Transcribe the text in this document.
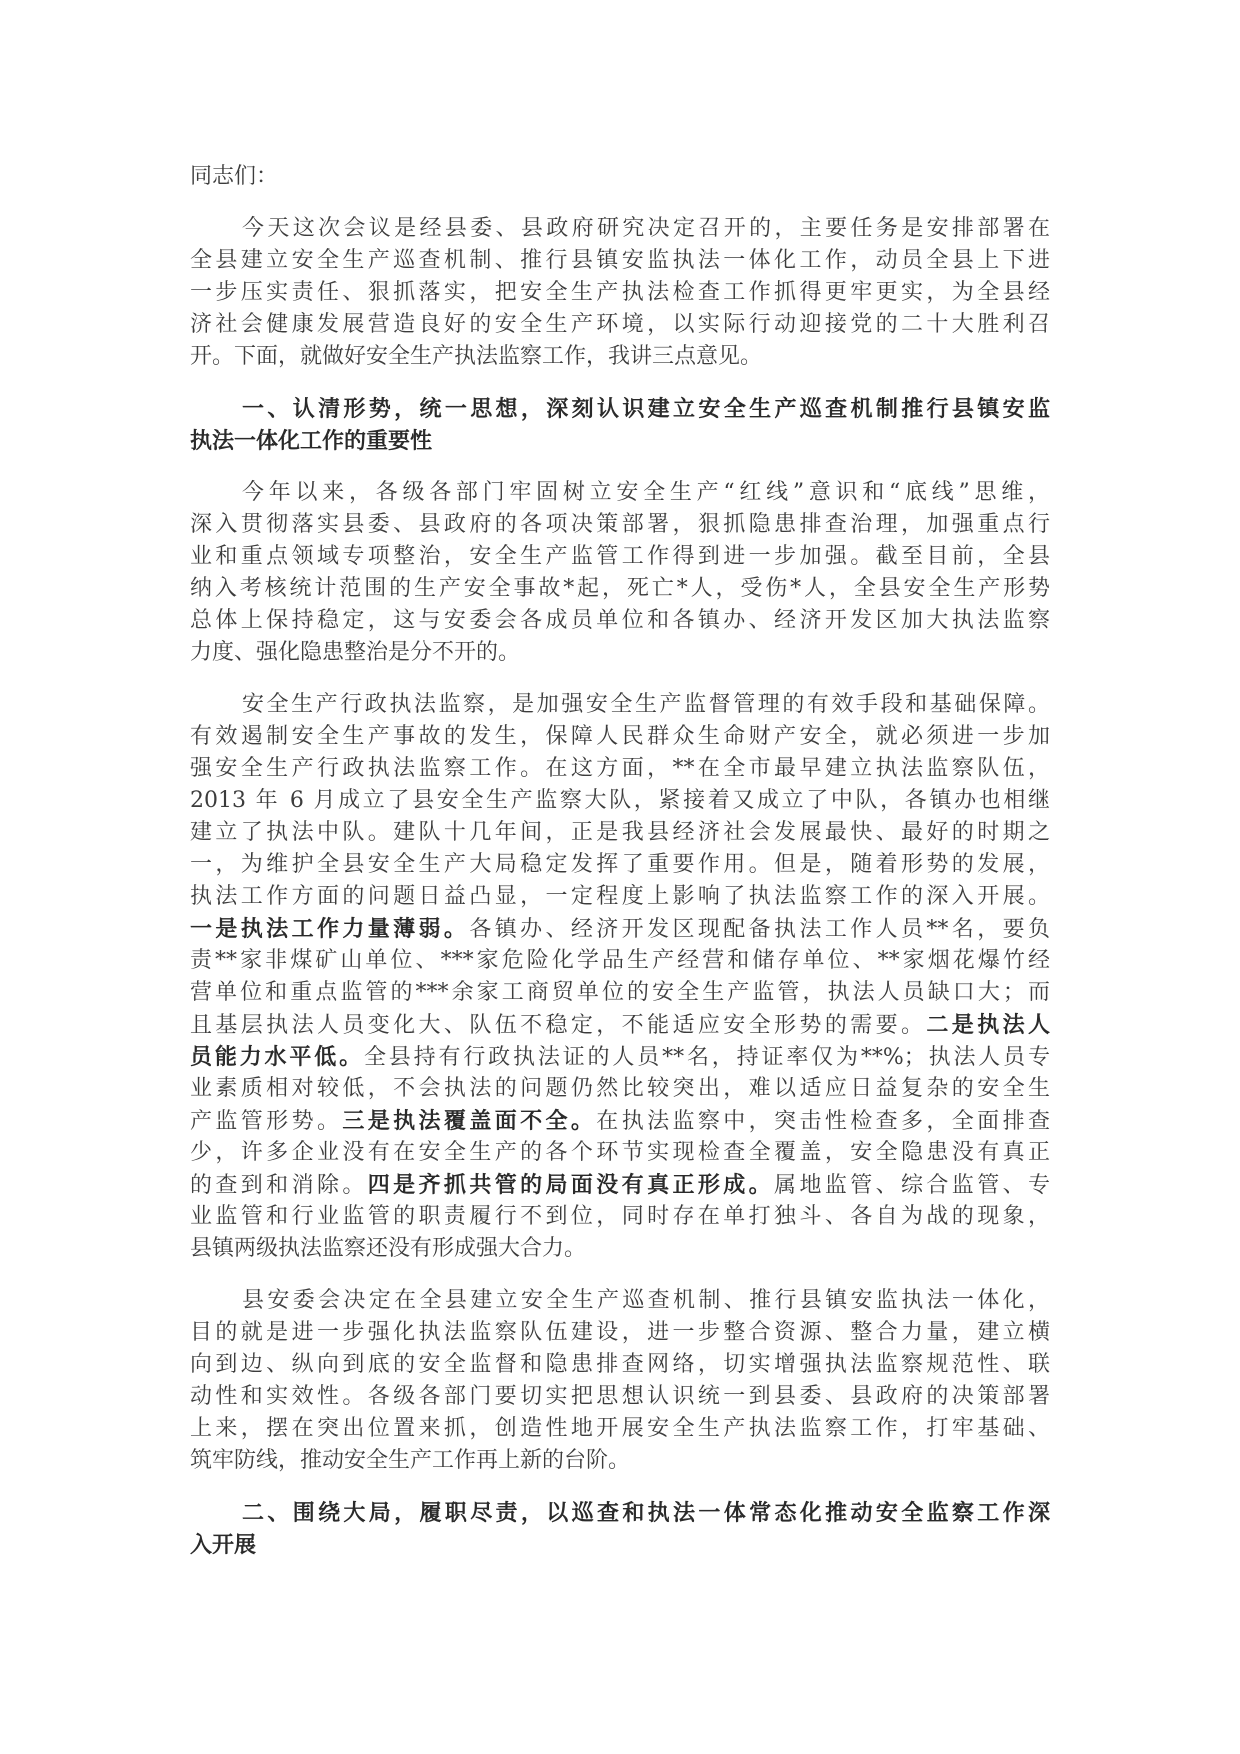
同志们：
今天这次会议是经县委、县政府研究决定召开的，主要任务是安排部署在
全县建立安全生产巡查机制、推行县镇安监执法一体化工作，动员全县上下进
一步压实责任、狠抓落实，把安全生产执法检查工作抓得更牢更实，为全县经
济社会健康发展营造良好的安全生产环境，以实际行动迎接党的二十大胜利召
开。下面，就做好安全生产执法监察工作，我讲三点意见。
一、认清形势，统一思想，深刻认识建立安全生产巡查机制推行县镇安监
执法一体化工作的重要性
今年以来，各级各部门牢固树立安全生产“红线”意识和“底线”思维，
深入贯彻落实县委、县政府的各项决策部署，狠抓隐患排查治理，加强重点行
业和重点领域专项整治，安全生产监管工作得到进一步加强。截至目前，全县
纳入考核统计范围的生产安全事故*起，死亡*人，受伤*人，全县安全生产形势
总体上保持稳定，这与安委会各成员单位和各镇办、经济开发区加大执法监察
力度、强化隐患整治是分不开的。
安全生产行政执法监察，是加强安全生产监督管理的有效手段和基础保障。
有效遏制安全生产事故的发生，保障人民群众生命财产安全，就必须进一步加
强安全生产行政执法监察工作。在这方面，**在全市最早建立执法监察队伍，
2013 年 6 月成立了县安全生产监察大队，紧接着又成立了中队，各镇办也相继
建立了执法中队。建队十几年间，正是我县经济社会发展最快、最好的时期之
一，为维护全县安全生产大局稳定发挥了重要作用。但是，随着形势的发展，
执法工作方面的问题日益凸显，一定程度上影响了执法监察工作的深入开展。
一是执法工作力量薄弱。各镇办、经济开发区现配备执法工作人员**名，要负
责**家非煤矿山单位、***家危险化学品生产经营和储存单位、**家烟花爆竹经
营单位和重点监管的***余家工商贸单位的安全生产监管，执法人员缺口大；而
且基层执法人员变化大、队伍不稳定，不能适应安全形势的需要。二是执法人
员能力水平低。全县持有行政执法证的人员**名，持证率仅为**%；执法人员专
业素质相对较低，不会执法的问题仍然比较突出，难以适应日益复杂的安全生
产监管形势。三是执法覆盖面不全。在执法监察中，突击性检查多，全面排查
少，许多企业没有在安全生产的各个环节实现检查全覆盖，安全隐患没有真正
的查到和消除。四是齐抓共管的局面没有真正形成。属地监管、综合监管、专
业监管和行业监管的职责履行不到位，同时存在单打独斗、各自为战的现象，
县镇两级执法监察还没有形成强大合力。
县安委会决定在全县建立安全生产巡查机制、推行县镇安监执法一体化，
目的就是进一步强化执法监察队伍建设，进一步整合资源、整合力量，建立横
向到边、纵向到底的安全监督和隐患排查网络，切实增强执法监察规范性、联
动性和实效性。各级各部门要切实把思想认识统一到县委、县政府的决策部署
上来，摆在突出位置来抓，创造性地开展安全生产执法监察工作，打牢基础、
筑牢防线，推动安全生产工作再上新的台阶。
二、围绕大局，履职尽责，以巡查和执法一体常态化推动安全监察工作深
入开展
